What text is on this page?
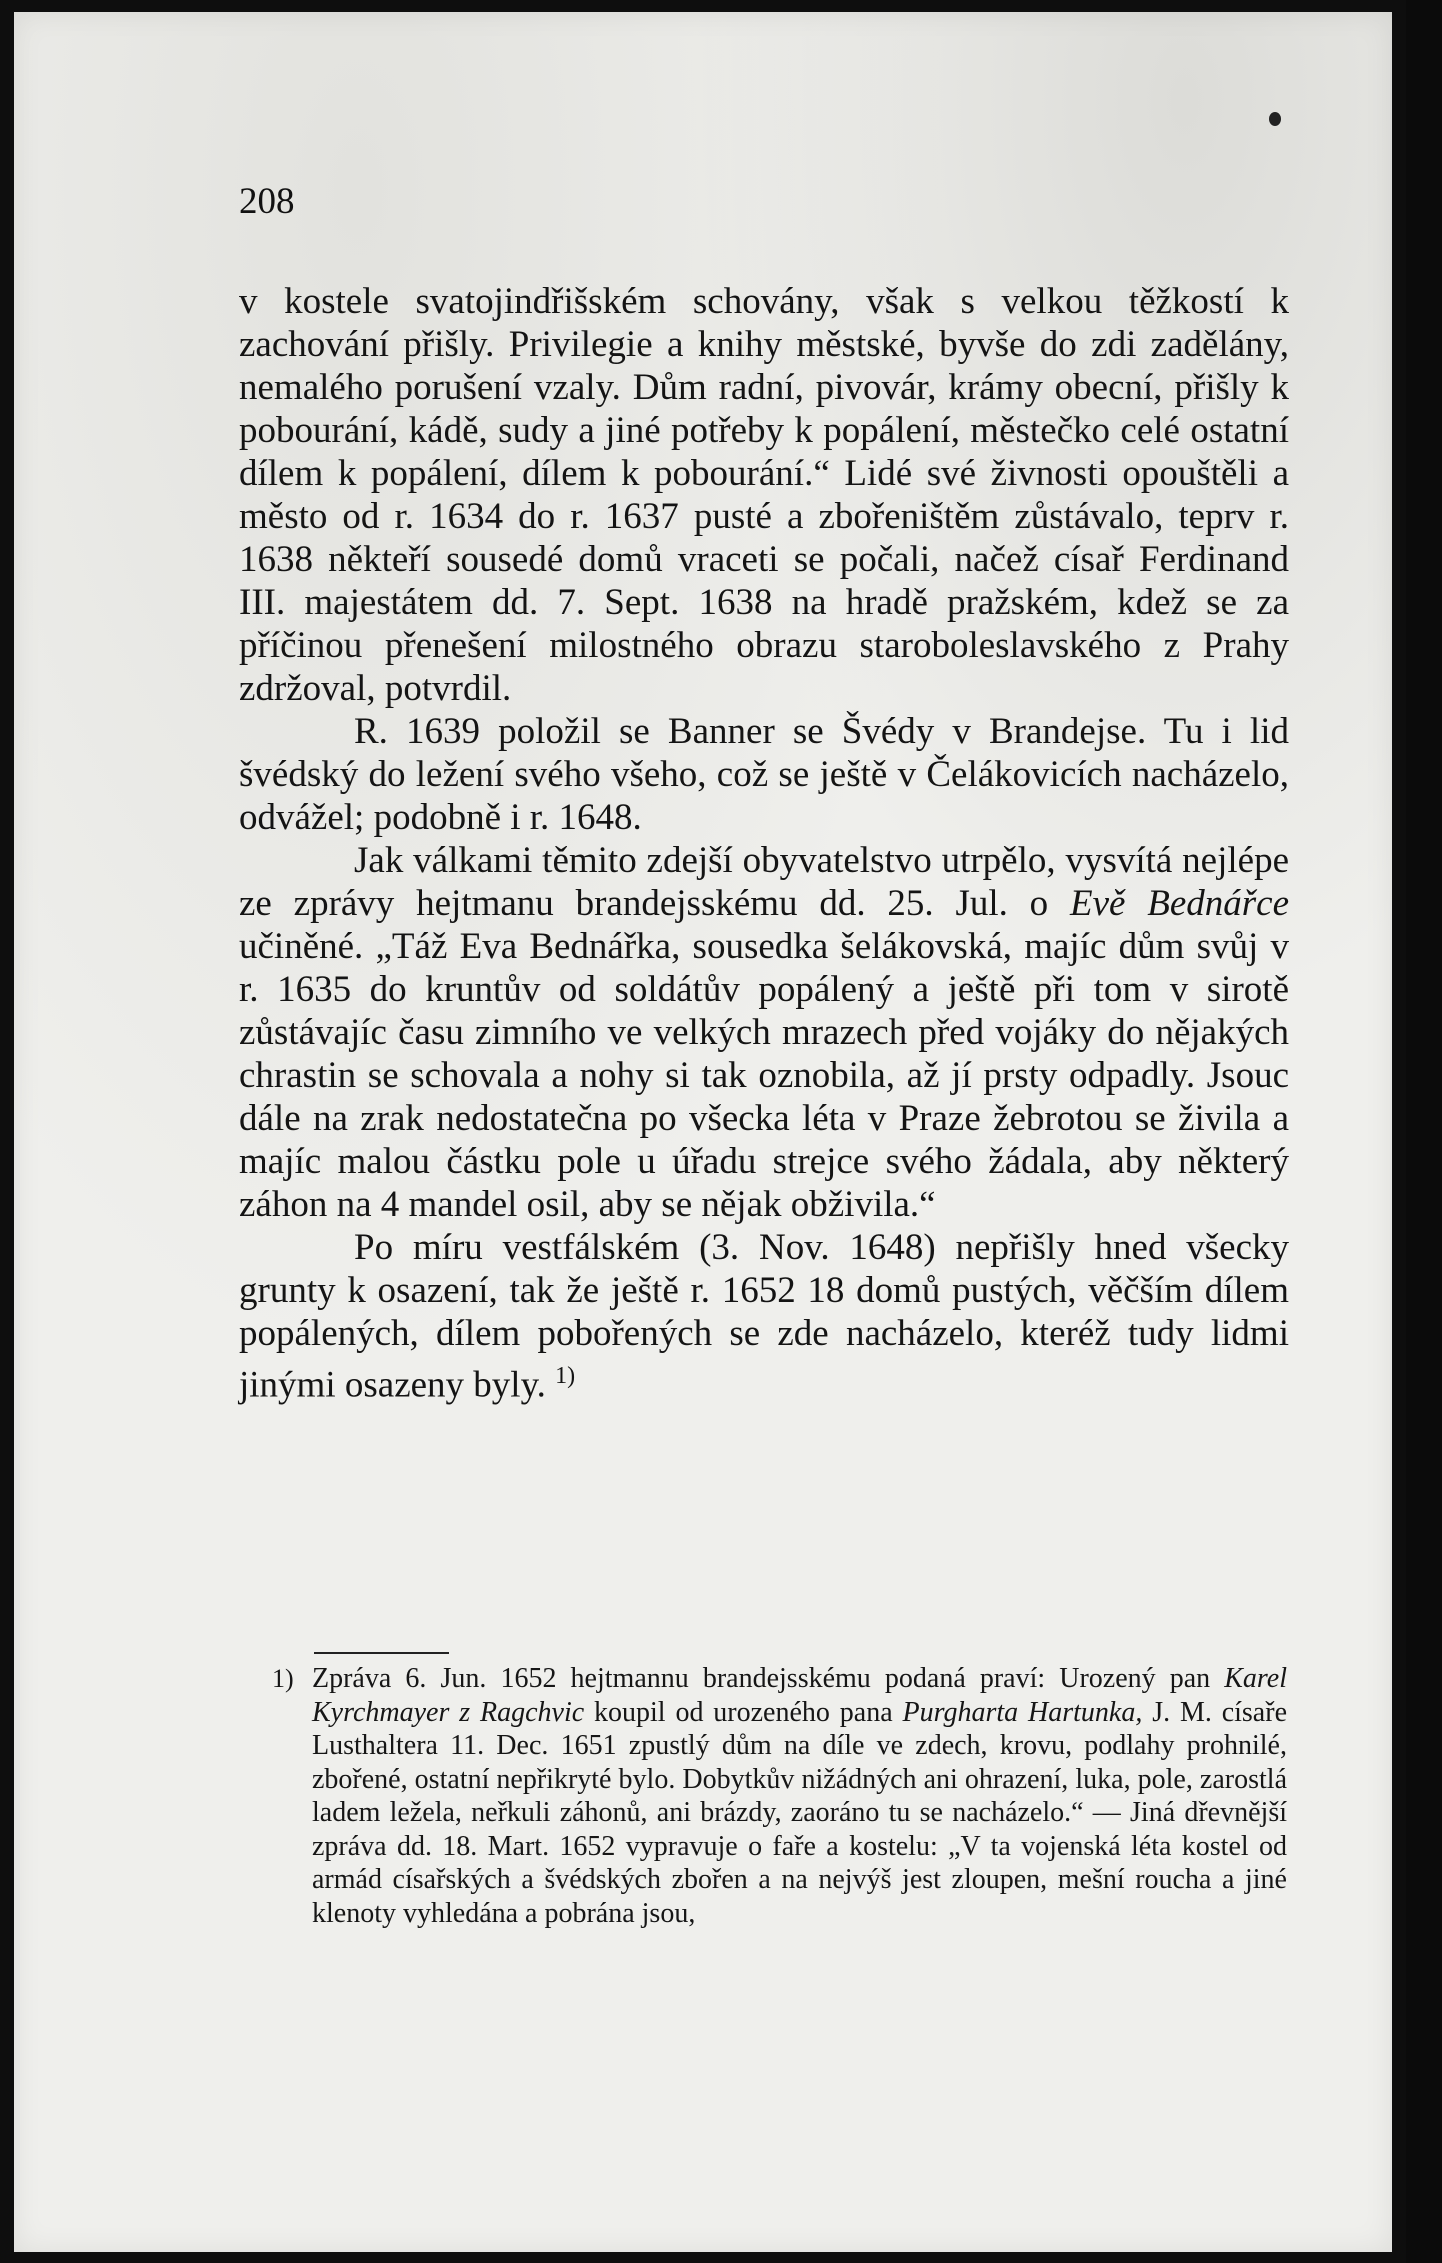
208

v kostele svatojindřišském schovány, však s velkou těžkostí k zachování přišly. Privilegie a knihy městské, byvše do zdi zadělány, nemalého porušení vzaly. Dům radní, pivovár, krámy obecní, přišly k pobourání, kádě, sudy a jiné potřeby k popálení, městečko celé ostatní dílem k popálení, dílem k pobourání.“ Lidé své živnosti opouštěli a město od r. 1634 do r. 1637 pusté a zbořeništěm zůstávalo, teprv r. 1638 někteří sousedé domů vraceti se počali, načež císař Ferdinand III. majestátem dd. 7. Sept. 1638 na hradě pražském, kdež se za příčinou přenešení milostného obrazu staroboleslavského z Prahy zdržoval, potvrdil.

R. 1639 položil se Banner se Švédy v Brandejse. Tu i lid švédský do ležení svého všeho, což se ještě v Čelákovicích nacházelo, odvážel; podobně i r. 1648.

Jak válkami těmito zdejší obyvatelstvo utrpělo, vysvítá nejlépe ze zprávy hejtmanu brandejsskému dd. 25. Jul. o Evě Bednářce učiněné. „Táž Eva Bednářka, sousedka šelákovská, majíc dům svůj v r. 1635 do kruntův od soldátův popálený a ještě při tom v sirotě zůstávajíc času zimního ve velkých mrazech před vojáky do nějakých chrastin se schovala a nohy si tak oznobila, až jí prsty odpadly. Jsouc dále na zrak nedostatečna po všecka léta v Praze žebrotou se živila a majíc malou částku pole u úřadu strejce svého žádala, aby některý záhon na 4 mandel osil, aby se nějak obživila.“

Po míru vestfálském (3. Nov. 1648) nepřišly hned všecky grunty k osazení, tak že ještě r. 1652 18 domů pustých, věčším dílem popálených, dílem pobořených se zde nacházelo, kteréž tudy lidmi jinými osazeny byly. $^{1)}$

1) Zpráva 6. Jun. 1652 hejtmannu brandejsskému podaná praví: Urozený pan Karel Kyrchmayer z Ragchvic koupil od urozeného pana Purgharta Hartunka, J. M. císaře Lusthaltera 11. Dec. 1651 zpustlý dům na díle ve zdech, krovu, podlahy prohnilé, zbořené, ostatní nepřikryté bylo. Dobytkův nižádných ani ohrazení, luka, pole, zarostlá ladem ležela, neřkuli záhonů, ani brázdy, zaoráno tu se nacházelo.“ — Jiná dřevnější zpráva dd. 18. Mart. 1652 vypravuje o faře a kostelu: „V ta vojenská léta kostel od armád císařských a švédských zbořen a na nejvýš jest zloupen, mešní roucha a jiné klenoty vyhledána a pobrána jsou,
